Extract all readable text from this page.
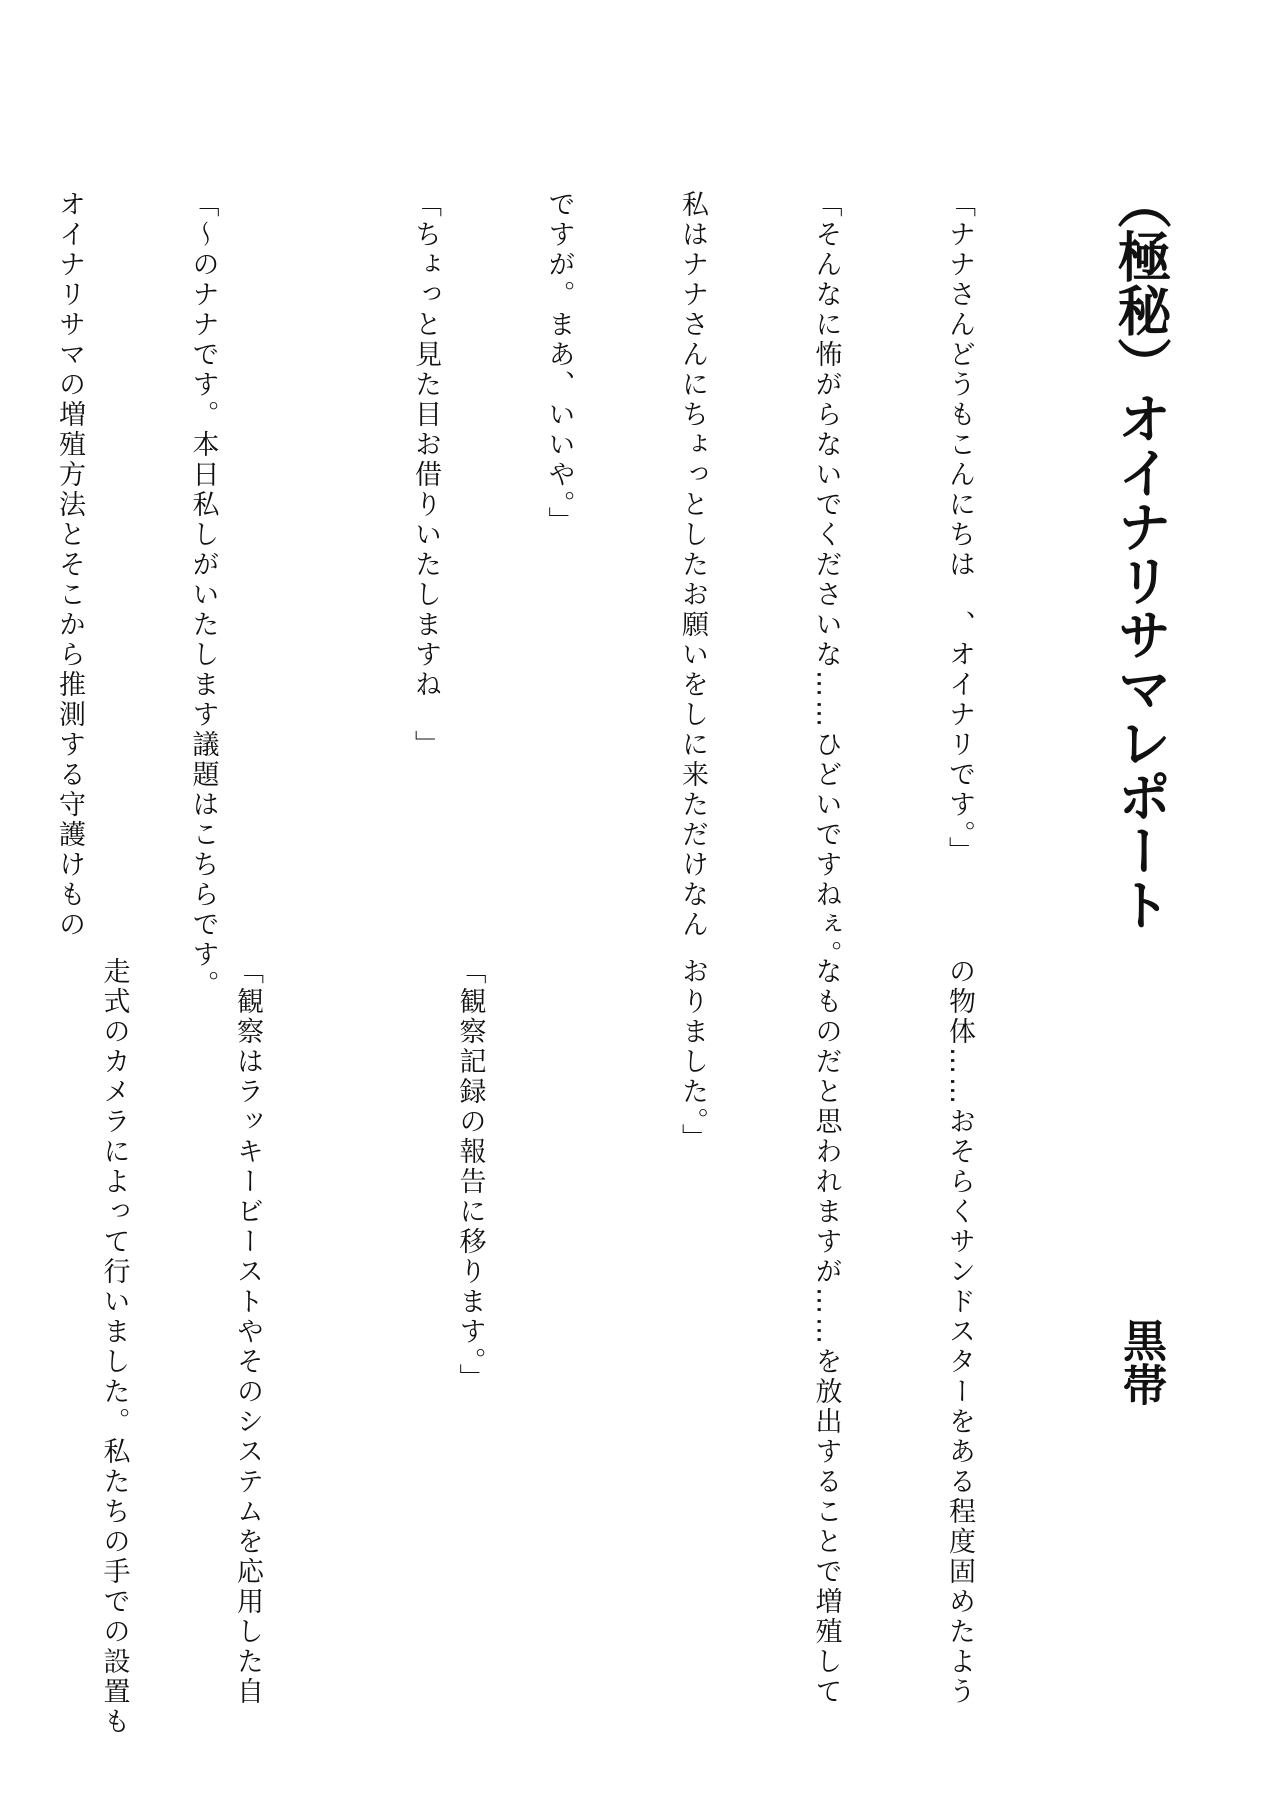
（極秘）オイナリサマレポート
黒帯

「ナナさんどうもこんにちは　、オイナリです。」

「そんなに怖がらないでくださいな……ひどいですねぇ。

私はナナさんにちょっとしたお願いをしに来ただけなん

ですが。まあ、いいや。」

「ちょっと見た目お借りいたしますね　」

「～のナナです。本日私しがいたします議題はこちらです。

オイナリサマの増殖方法とそこから推測する守護けもの

の物体……おそらくサンドスターをある程度固めたよう

なものだと思われますが……を放出することで増殖して

おりました。」

「観察記録の報告に移ります。」

「観察はラッキービーストやそのシステムを応用した自

走式のカメラによって行いました。私たちの手での設置も
